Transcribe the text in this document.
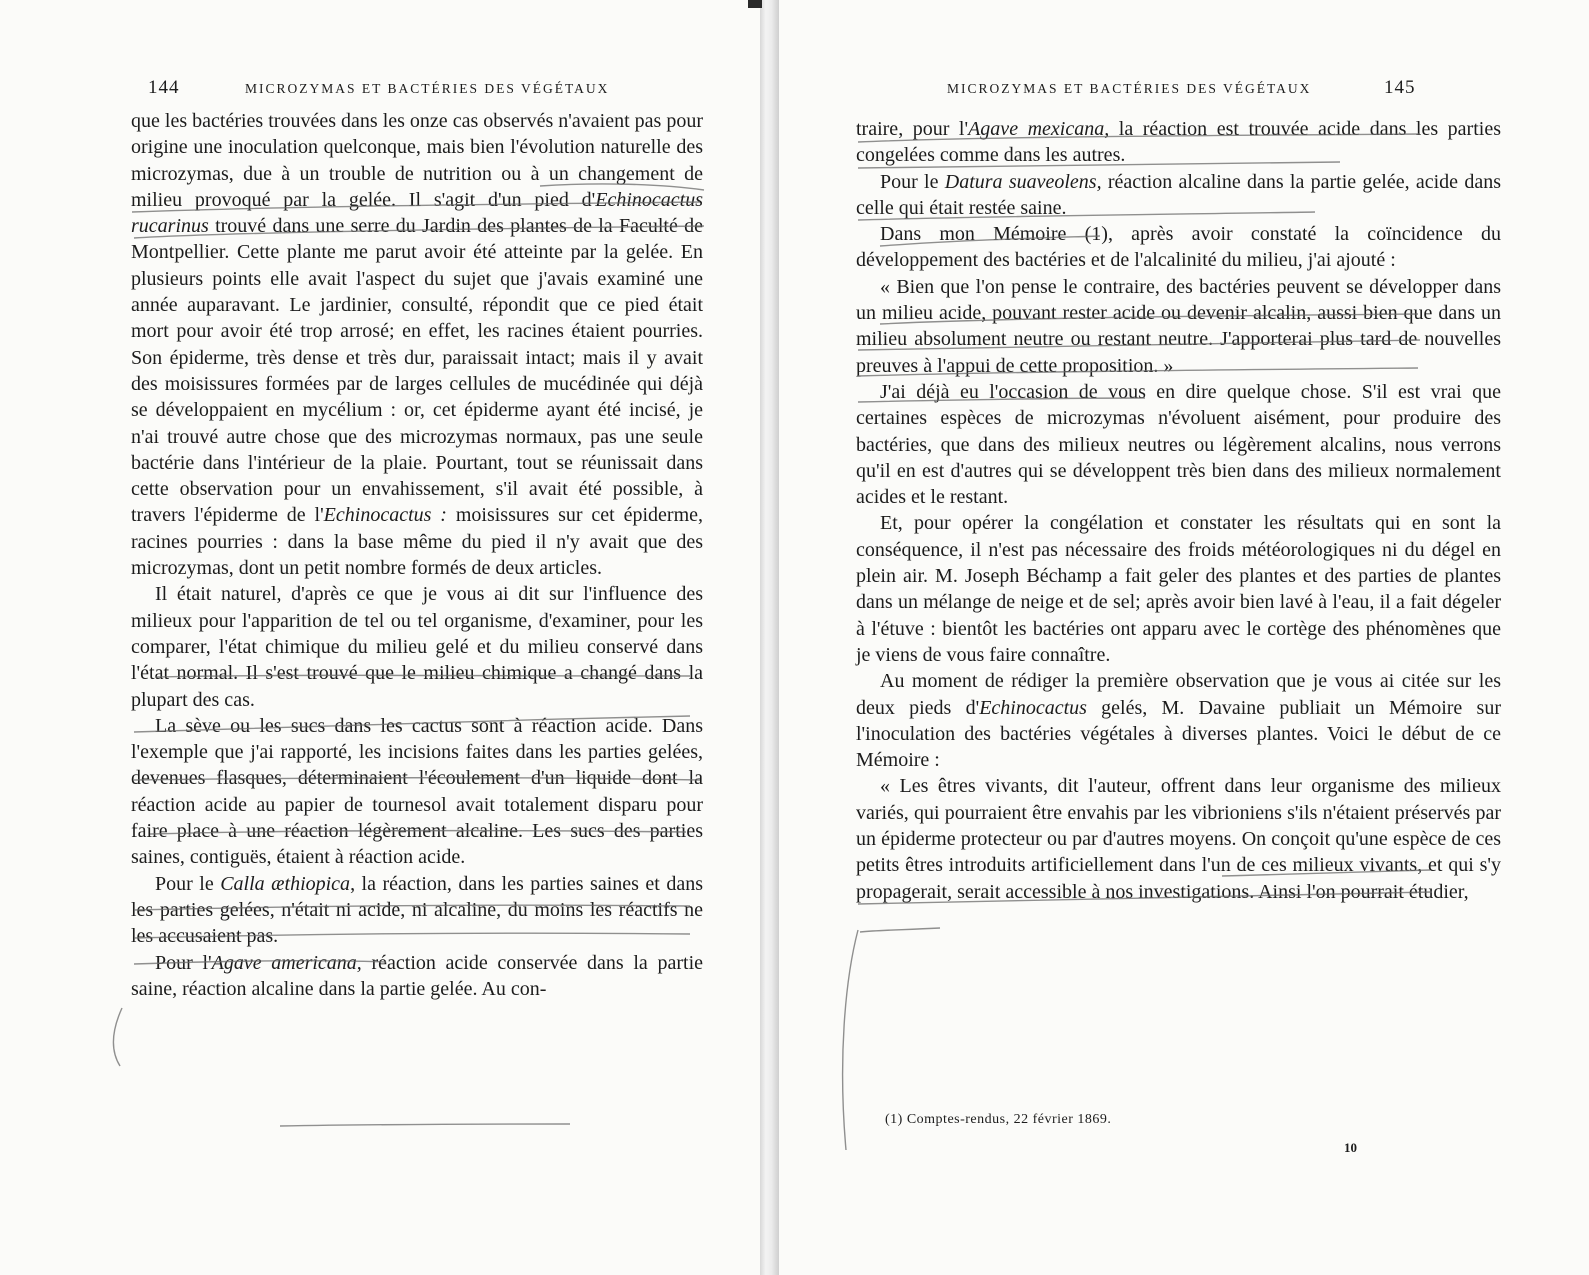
144	MICROZYMAS ET BACTÉRIES DES VÉGÉTAUX

que les bactéries trouvées dans les onze cas observés n'avaient pas pour origine une inoculation quelconque, mais bien l'évolution naturelle des microzymas, due à un trouble de nutrition ou à un changement de milieu provoqué par la gelée. Il s'agit d'un pied d'Echinocactus rucarinus trouvé dans une serre du Jardin des plantes de la Faculté de Montpellier. Cette plante me parut avoir été atteinte par la gelée. En plusieurs points elle avait l'aspect du sujet que j'avais examiné une année auparavant. Le jardinier, consulté, répondit que ce pied était mort pour avoir été trop arrosé; en effet, les racines étaient pourries. Son épiderme, très dense et très dur, paraissait intact; mais il y avait des moisissures formées par de larges cellules de mucédinée qui déjà se développaient en mycélium : or, cet épiderme ayant été incisé, je n'ai trouvé autre chose que des microzymas normaux, pas une seule bactérie dans l'intérieur de la plaie. Pourtant, tout se réunissait dans cette observation pour un envahissement, s'il avait été possible, à travers l'épiderme de l'Echinocactus : moisissures sur cet épiderme, racines pourries : dans la base même du pied il n'y avait que des microzymas, dont un petit nombre formés de deux articles.

Il était naturel, d'après ce que je vous ai dit sur l'influence des milieux pour l'apparition de tel ou tel organisme, d'examiner, pour les comparer, l'état chimique du milieu gelé et du milieu conservé dans l'état normal. Il s'est trouvé que le milieu chimique a changé dans la plupart des cas.

La sève ou les sucs dans les cactus sont à réaction acide. Dans l'exemple que j'ai rapporté, les incisions faites dans les parties gelées, devenues flasques, déterminaient l'écoulement d'un liquide dont la réaction acide au papier de tournesol avait totalement disparu pour faire place à une réaction légèrement alcaline. Les sucs des parties saines, contiguës, étaient à réaction acide.

Pour le Calla æthiopica, la réaction, dans les parties saines et dans les parties gelées, n'était ni acide, ni alcaline, du moins les réactifs ne les accusaient pas.

Pour l'Agave americana, réaction acide conservée dans la partie saine, réaction alcaline dans la partie gelée. Au con-

MICROZYMAS ET BACTÉRIES DES VÉGÉTAUX	145

traire, pour l'Agave mexicana, la réaction est trouvée acide dans les parties congelées comme dans les autres.

Pour le Datura suaveolens, réaction alcaline dans la partie gelée, acide dans celle qui était restée saine.

Dans mon Mémoire (1), après avoir constaté la coïncidence du développement des bactéries et de l'alcalinité du milieu, j'ai ajouté :

« Bien que l'on pense le contraire, des bactéries peuvent se développer dans un milieu acide, pouvant rester acide ou devenir alcalin, aussi bien que dans un milieu absolument neutre ou restant neutre. J'apporterai plus tard de nouvelles preuves à l'appui de cette proposition. »

J'ai déjà eu l'occasion de vous en dire quelque chose. S'il est vrai que certaines espèces de microzymas n'évoluent aisément, pour produire des bactéries, que dans des milieux neutres ou légèrement alcalins, nous verrons qu'il en est d'autres qui se développent très bien dans des milieux normalement acides et le restant.

Et, pour opérer la congélation et constater les résultats qui en sont la conséquence, il n'est pas nécessaire des froids météorologiques ni du dégel en plein air. M. Joseph Béchamp a fait geler des plantes et des parties de plantes dans un mélange de neige et de sel; après avoir bien lavé à l'eau, il a fait dégeler à l'étuve : bientôt les bactéries ont apparu avec le cortège des phénomènes que je viens de vous faire connaître.

Au moment de rédiger la première observation que je vous ai citée sur les deux pieds d'Echinocactus gelés, M. Davaine publiait un Mémoire sur l'inoculation des bactéries végétales à diverses plantes. Voici le début de ce Mémoire :

« Les êtres vivants, dit l'auteur, offrent dans leur organisme des milieux variés, qui pourraient être envahis par les vibrioniens s'ils n'étaient préservés par un épiderme protecteur ou par d'autres moyens. On conçoit qu'une espèce de ces petits êtres introduits artificiellement dans l'un de ces milieux vivants, et qui s'y propagerait, serait accessible à nos investigations. Ainsi l'on pourrait étudier,

(1) Comptes-rendus, 22 février 1869.
10
